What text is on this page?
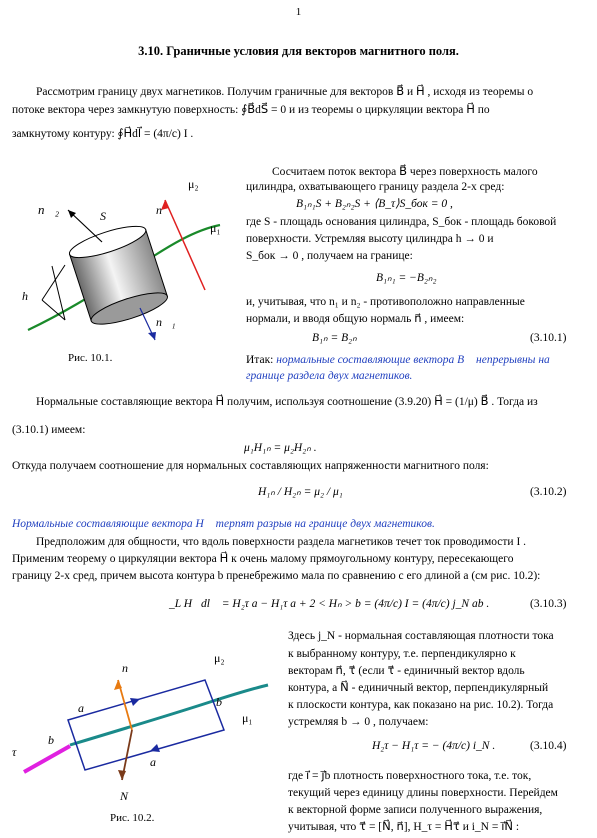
1
3.10. Граничные условия для векторов магнитного поля.
Рассмотрим границу двух магнетиков. Получим граничные для векторов B⃗ и H⃗ , исходя из теоремы о
потоке вектора через замкнутую поверхность: ∮B⃗dS⃗ = 0 и из теоремы о циркуляции вектора H⃗ по
замкнутому контуру: ∮H⃗dl⃗ = (4π/c) I .
μ₂
μ₁
n⃗₂	S	n⃗
h
n⃗₁
Рис. 10.1.
Сосчитаем поток вектора B⃗ через поверхность малого
цилиндра, охватывающего границу раздела 2-х сред:
B₁ₙ₁S + B₂ₙ₂S + ⟨B_τ⟩S_бок = 0 ,
где S - площадь основания цилиндра, S_бок - площадь боковой
поверхности. Устремляя высоту цилиндра h → 0 и
S_бок → 0 , получаем на границе:
B₁ₙ₁ = −B₂ₙ₂
и, учитывая, что n₁ и n₂ - противоположно направленные
нормали, и вводя общую нормаль n⃗ , имеем:
B₁ₙ = B₂ₙ	(3.10.1)
Итак: нормальные составляющие вектора B⃗ непрерывны на
границе раздела двух магнетиков.
Нормальные составляющие вектора H⃗ получим, используя соотношение (3.9.20) H⃗ = (1/μ) B⃗ . Тогда из
(3.10.1) имеем:
μ₁H₁ₙ = μ₂H₂ₙ .
Откуда получаем соотношение для нормальных составляющих напряженности магнитного поля:
H₁ₙ / H₂ₙ = μ₂ / μ₁	(3.10.2)
Нормальные составляющие вектора H⃗ терпят разрыв на границе двух магнетиков.
Предположим для общности, что вдоль поверхности раздела магнетиков течет ток проводимости I .
Применим теорему о циркуляции вектора H⃗ к очень малому прямоугольному контуру, пересекающего
границу 2-х сред, причем высота контура b пренебрежимо мала по сравнению с его длиной a (см рис. 10.2):
∮_L H⃗dl⃗ = H₂τ a − H₁τ a + 2 < Hₙ > b = (4π/c) I = (4π/c) j_N ab .	(3.10.3)
n⃗
μ₂
a	b
μ₁
b
τ⃗
a
N⃗
Рис. 10.2.
Здесь j_N - нормальная составляющая плотности тока
к выбранному контуру, т.е. перпендикулярно к
векторам n⃗, τ⃗ (если τ⃗ - единичный вектор вдоль
контура, а N⃗ - единичный вектор, перпендикулярный
к плоскости контура, как показано на рис. 10.2). Тогда
устремляя b → 0 , получаем:
H₂τ − H₁τ = − (4π/c) i_N .	(3.10.4)
где i⃗ = j⃗b плотность поверхностного тока, т.е. ток,
текущий через единицу длины поверхности. Перейдем
к векторной форме записи полученного выражения,
учитывая, что τ⃗ = [N⃗, n⃗], H_τ = H⃗τ⃗ и i_N = i⃗N⃗ :
